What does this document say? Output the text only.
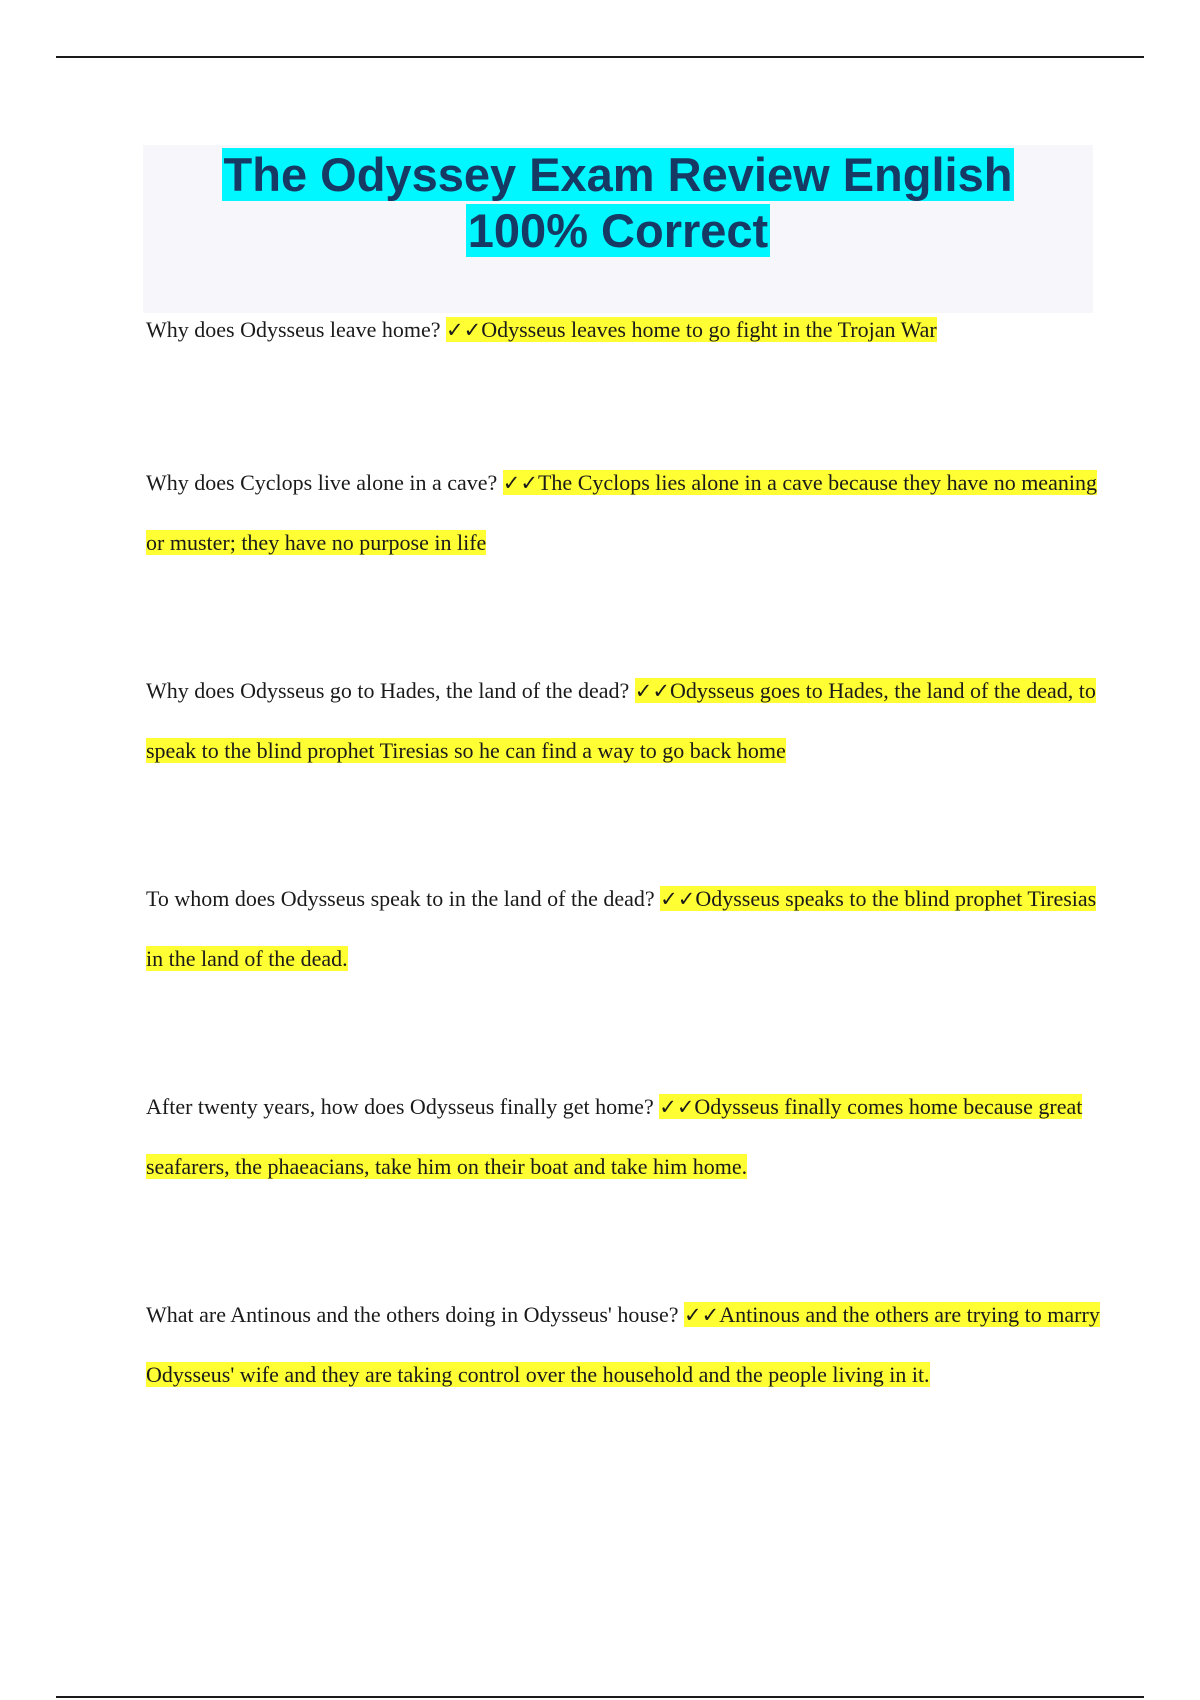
The Odyssey Exam Review English
100% Correct

Why does Odysseus leave home? ✓✓Odysseus leaves home to go fight in the Trojan War

Why does Cyclops live alone in a cave? ✓✓The Cyclops lies alone in a cave because they have no meaning or muster; they have no purpose in life

Why does Odysseus go to Hades, the land of the dead? ✓✓Odysseus goes to Hades, the land of the dead, to speak to the blind prophet Tiresias so he can find a way to go back home

To whom does Odysseus speak to in the land of the dead? ✓✓Odysseus speaks to the blind prophet Tiresias in the land of the dead.

After twenty years, how does Odysseus finally get home? ✓✓Odysseus finally comes home because great seafarers, the phaeacians, take him on their boat and take him home.

What are Antinous and the others doing in Odysseus' house? ✓✓Antinous and the others are trying to marry Odysseus' wife and they are taking control over the household and the people living in it.
